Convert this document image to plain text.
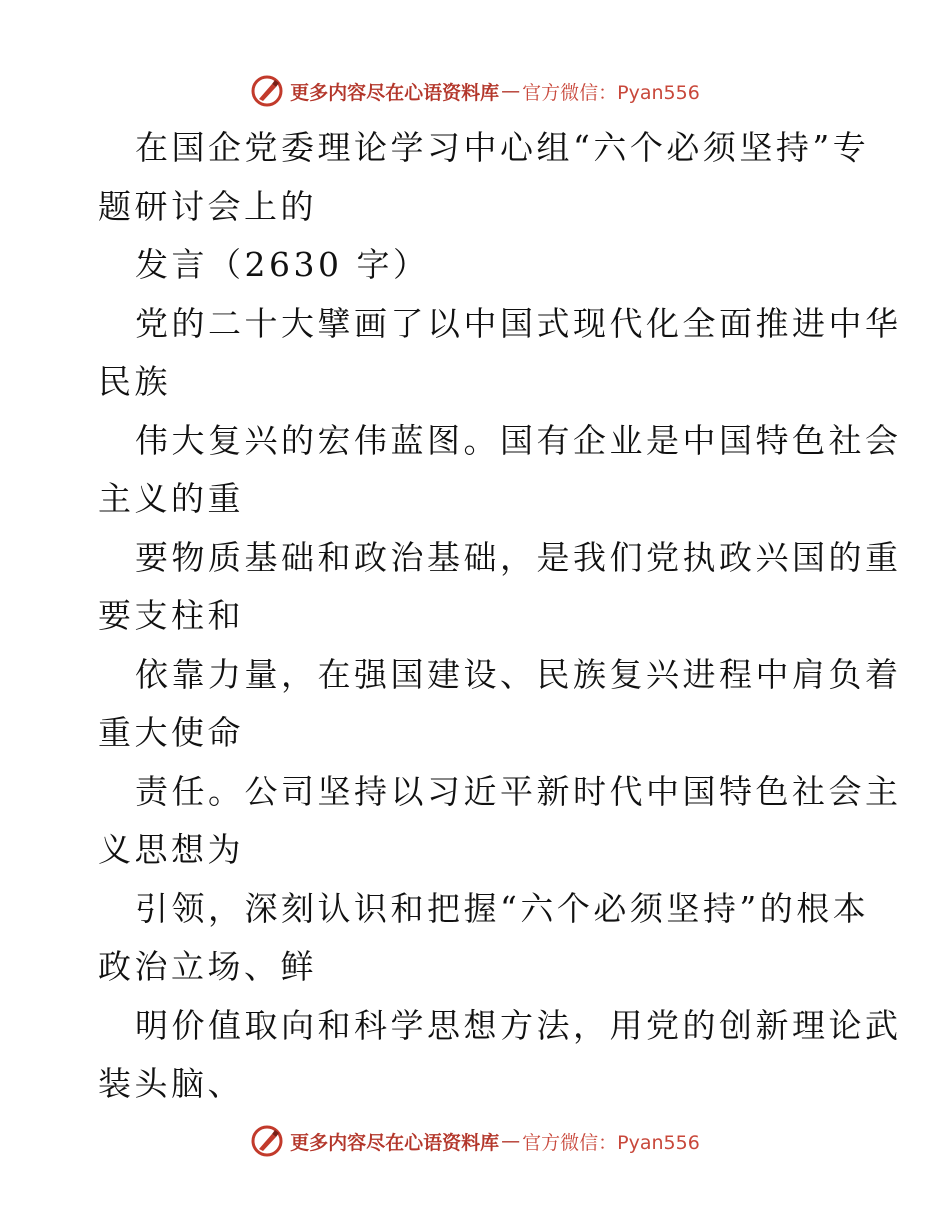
更多内容尽在心语资料库 — 官方微信：Pyan556
在国企党委理论学习中心组“六个必须坚持”专
题研讨会上的
发言（2630 字）
党的二十大擘画了以中国式现代化全面推进中华
民族
伟大复兴的宏伟蓝图。国有企业是中国特色社会
主义的重
要物质基础和政治基础，是我们党执政兴国的重
要支柱和
依靠力量，在强国建设、民族复兴进程中肩负着
重大使命
责任。公司坚持以习近平新时代中国特色社会主
义思想为
引领，深刻认识和把握“六个必须坚持”的根本
政治立场、鲜
明价值取向和科学思想方法，用党的创新理论武
装头脑、
更多内容尽在心语资料库 — 官方微信：Pyan556
